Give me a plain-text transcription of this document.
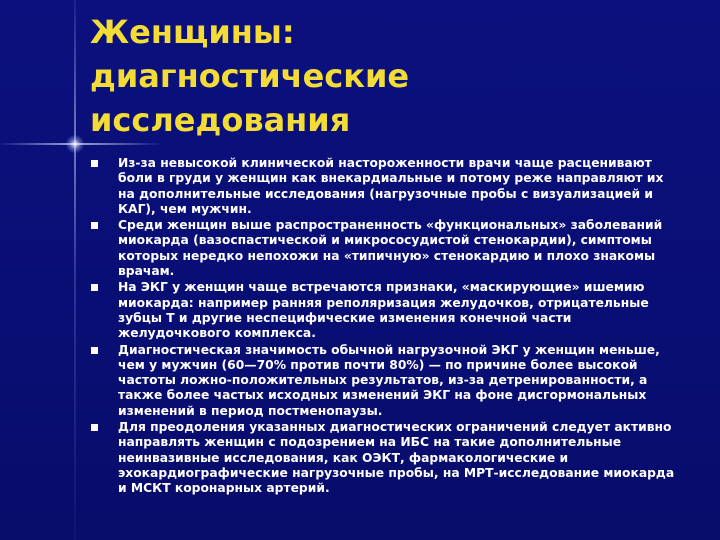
Женщины:
диагностические
исследования
Из-за невысокой клинической настороженности врачи чаще расценивают боли в груди у женщин как внекардиальные и потому реже направляют их на дополнительные исследования (нагрузочные пробы с визуализацией и КАГ), чем мужчин.
Среди женщин выше распространенность «функциональных» заболеваний миокарда (вазоспастической и микрососудистой стенокардии), симптомы которых нередко непохожи на «типичную» стенокардию и плохо знакомы врачам.
На ЭКГ у женщин чаще встречаются признаки, «маскирующие» ишемию миокарда: например ранняя реполяризация желудочков, отрицательные зубцы Т и другие неспецифические изменения конечной части желудочкового комплекса.
Диагностическая значимость обычной нагрузочной ЭКГ у женщин меньше, чем у мужчин (60—70% против почти 80%) — по причине более высокой частоты ложно-положительных результатов, из-за детренированности, а также более частых исходных изменений ЭКГ на фоне дисгормональных изменений в период постменопаузы.
Для преодоления указанных диагностических ограничений следует активно направлять женщин с подозрением на ИБС на такие дополнительные неинвазивные исследования, как ОЭКТ, фармакологические и эхокардиографические нагрузочные пробы, на МРТ-исследование миокарда и МСКТ коронарных артерий.
